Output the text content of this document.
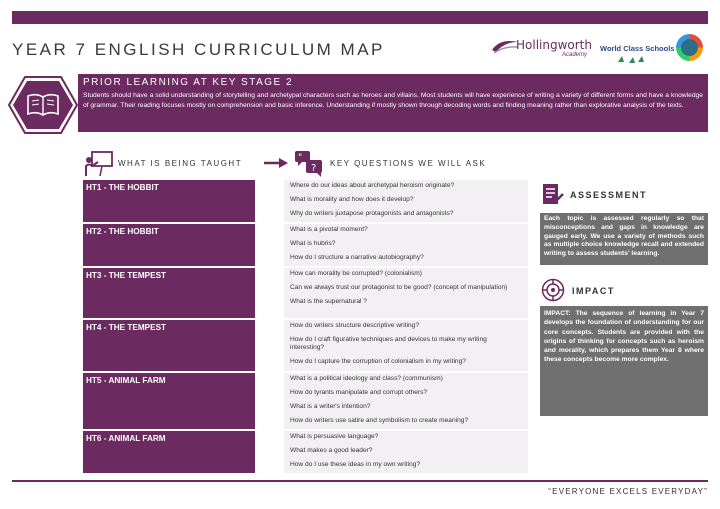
YEAR 7 ENGLISH CURRICULUM MAP	Hollingworth
Academy
World Class Schools
PRIOR LEARNING AT KEY STAGE 2
Students should have a solid understanding of storytelling and archetypal characters such as heroes and villains. Most students will have experience of writing a variety of different forms and have a knowledge of grammar. Their reading focuses mostly on comprehension and basic inference. Understanding if mostly shown through decoding words and finding meaning rather than explorative analysis of the texts.
WHAT IS BEING TAUGHT
"
? KEY QUESTIONS WE WILL ASK
HT1 - THE HOBBIT	Where do our ideas about archetypal heroism originate?
What is morality and how does it develop?
Why do writers juxtapose protagonists and antagonists?
HT2 - THE HOBBIT	What is a pivotal moment?
What is hubris?
How do I structure a narrative autobiography?
HT3 - THE TEMPEST	How can morality be corrupted? (colonialism)
Can we always trust our protagonist to be good? (concept of manipulation)
What is the supernatural ?
HT4 - THE TEMPEST	How do writers structure descriptive writing?
How do I craft figurative techniques and devices to make my writing interesting?
How do I capture the corruption of colonialism in my writing?
HT5 - ANIMAL FARM	What is a political ideology and class? (communism)
How do tyrants manipulate and corrupt others?
What is a writer's intention?
How do writers use satire and symbolism to create meaning?
HT6 - ANIMAL FARM	What is persuasive language?
What makes a good leader?
How do I use these ideas in my own writing?
ASSESSMENT
Each topic is assessed regularly so that misconceptions and gaps in knowledge are gauged early. We use a variety of methods such as multiple choice knowledge recall and extended writing to assess students' learning.
IMPACT
IMPACT: The sequence of learning in Year 7 develops the foundation of understanding for our core concepts. Students are provided with the origins of thinking for concepts such as heroism and morality, which prepares them Year 8 where these concepts become more complex.
“EVERYONE EXCELS EVERYDAY”
